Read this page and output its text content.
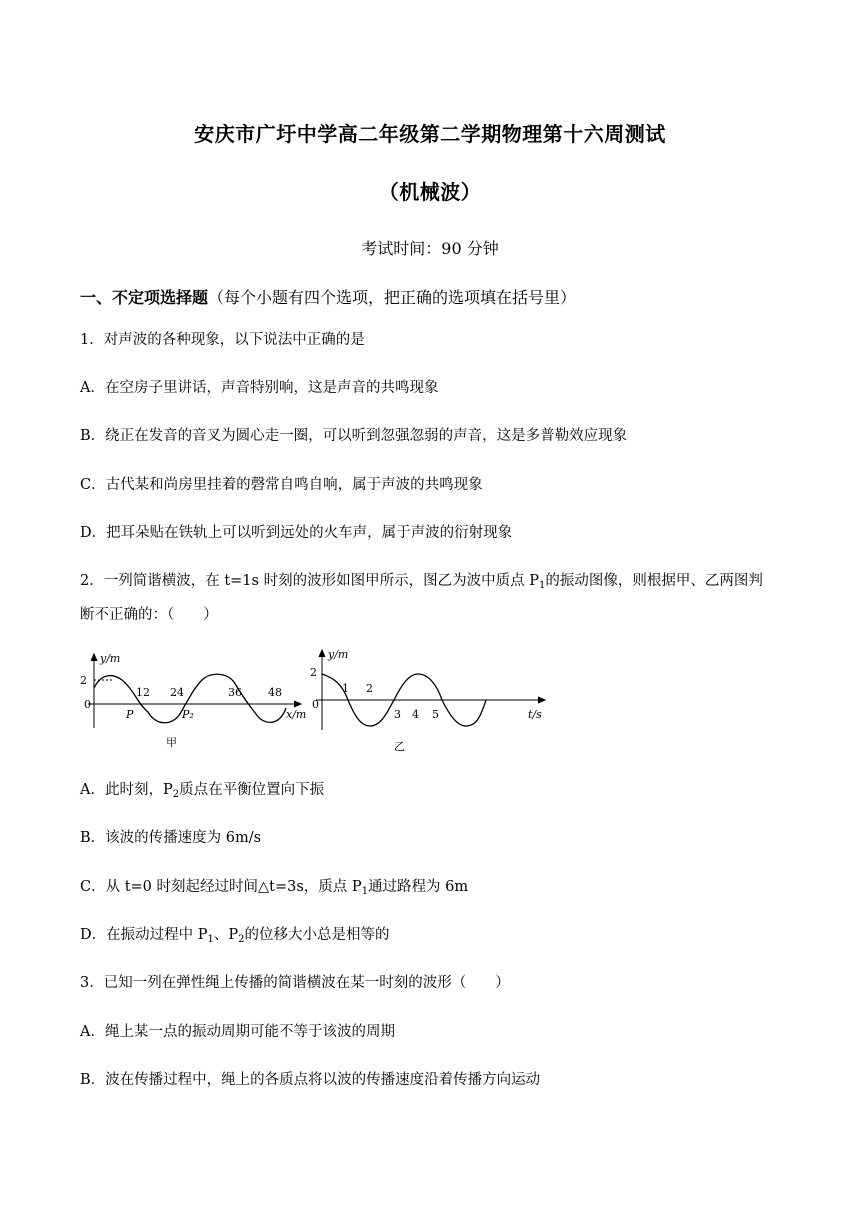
安庆市广圩中学高二年级第二学期物理第十六周测试
（机械波）
考试时间：90 分钟
一、不定项选择题（每个小题有四个选项，把正确的选项填在括号里）
1．对声波的各种现象，以下说法中正确的是
A．在空房子里讲话，声音特别响，这是声音的共鸣现象
B．绕正在发音的音叉为圆心走一圈，可以听到忽强忽弱的声音，这是多普勒效应现象
C．古代某和尚房里挂着的磬常自鸣自响，属于声波的共鸣现象
D．把耳朵贴在铁轨上可以听到远处的火车声，属于声波的衍射现象
2．一列简谐横波，在 t=1s 时刻的波形如图甲所示，图乙为波中质点 $P_1$的振动图像，则根据甲、乙两图判
断不正确的：（　　）
2
0
y/m
x/m
12 24	36 48
P	P₂
甲
2
0
y/m
t/s
1 2
3 4 5
乙
A．此时刻，$P_2$质点在平衡位置向下振
B．该波的传播速度为 6m/s
C．从 t=0 时刻起经过时间△t=3s，质点 $P_1$通过路程为 6m
D．在振动过程中 $P_1$、$P_2$的位移大小总是相等的
3．已知一列在弹性绳上传播的简谐横波在某一时刻的波形（　　）
A．绳上某一点的振动周期可能不等于该波的周期
B．波在传播过程中，绳上的各质点将以波的传播速度沿着传播方向运动
